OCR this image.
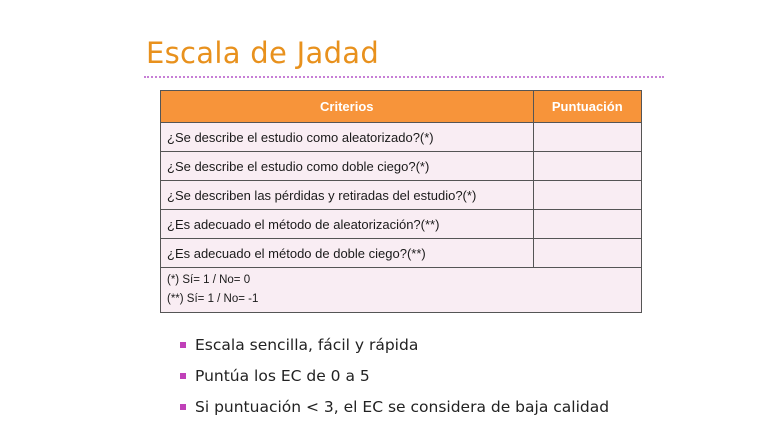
Escala de Jadad
Criterios	Puntuación
¿Se describe el estudio como aleatorizado?(*)	
¿Se describe el estudio como doble ciego?(*)	
¿Se describen las pérdidas y retiradas del estudio?(*)	
¿Es adecuado el método de aleatorización?(**)	
¿Es adecuado el método de doble ciego?(**)	

(*) Sí= 1 / No= 0
(**) Sí= 1 / No= -1	
Escala sencilla, fácil y rápida
Puntúa los EC de 0 a 5
Si puntuación < 3, el EC se considera de baja calidad
